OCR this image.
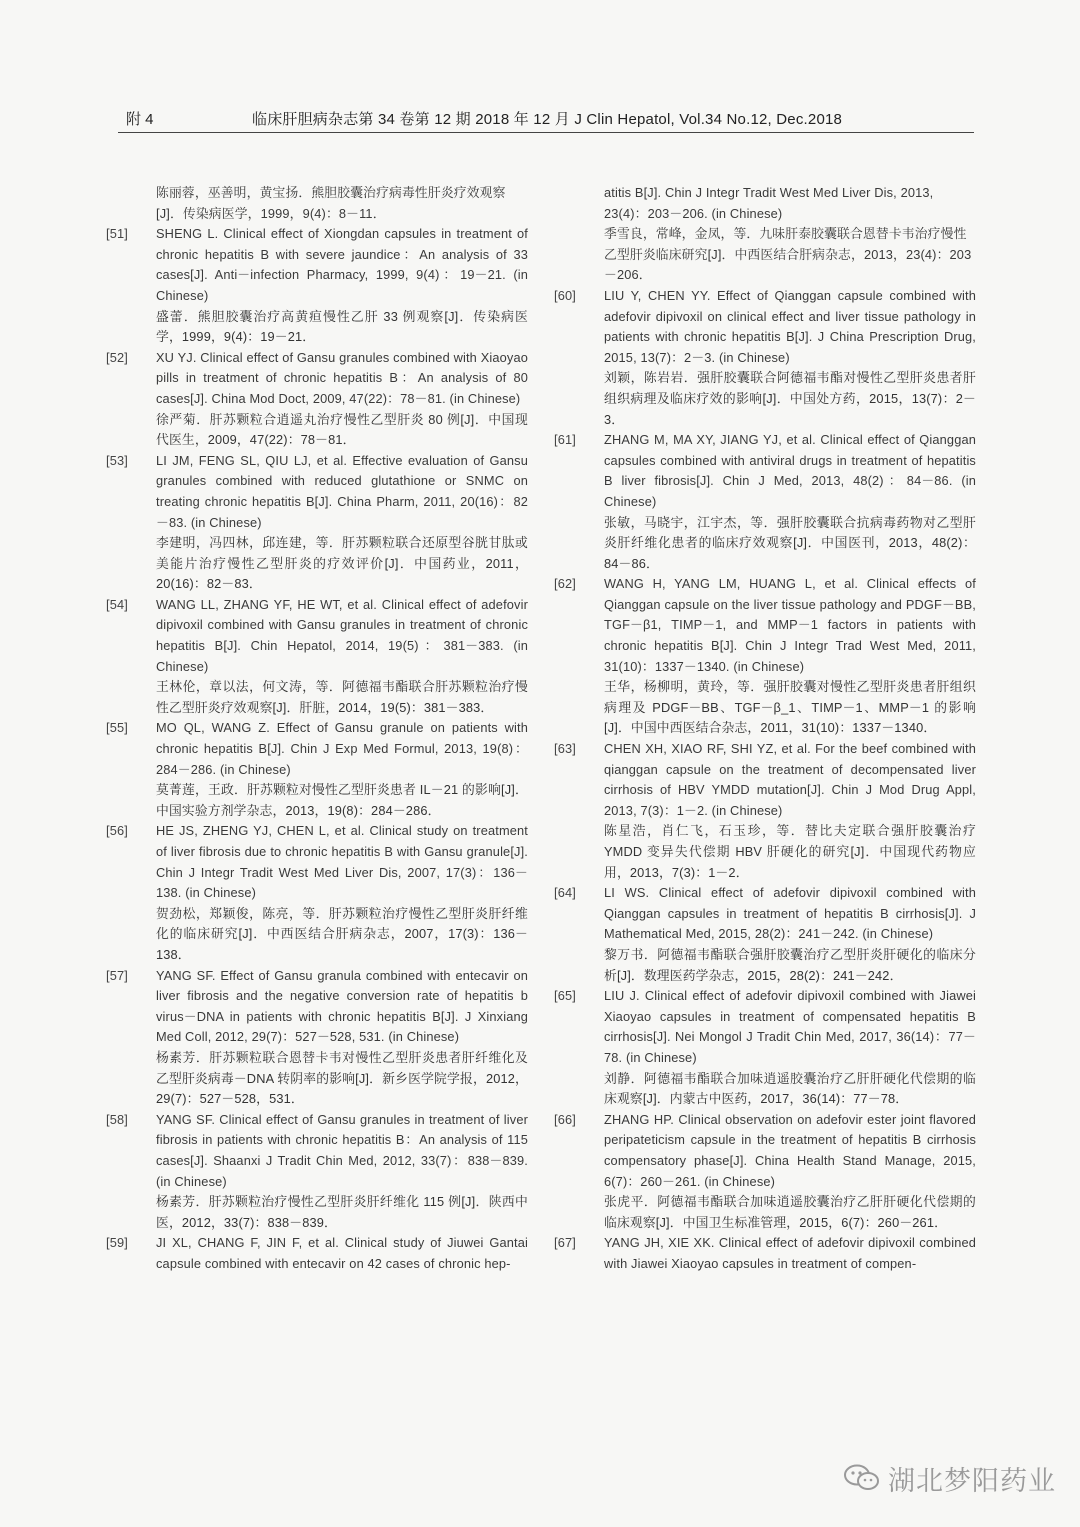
附 4	临床肝胆病杂志第 34 卷第 12 期 2018 年 12 月 J Clin Hepatol, Vol.34 No.12, Dec.2018
陈丽蓉，巫善明，黄宝扬．熊胆胶囊治疗病毒性肝炎疗效观察[J]．传染病医学，1999，9(4)：8－11．
[51] SHENG L. Clinical effect of Xiongdan capsules in treatment of chronic hepatitis B with severe jaundice：An analysis of 33 cases[J]. Anti－infection Pharmacy, 1999, 9(4)：19－21. (in Chinese)
盛蕾．熊胆胶囊治疗高黄疸慢性乙肝 33 例观察[J]．传染病医学，1999，9(4)：19－21．
[52] XU YJ. Clinical effect of Gansu granules combined with Xiaoyao pills in treatment of chronic hepatitis B：An analysis of 80 cases[J]. China Mod Doct, 2009, 47(22)：78－81. (in Chinese)
徐严菊．肝苏颗粒合逍遥丸治疗慢性乙型肝炎 80 例[J]．中国现代医生，2009，47(22)：78－81．
[53] LI JM, FENG SL, QIU LJ, et al. Effective evaluation of Gansu granules combined with reduced glutathione or SNMC on treating chronic hepatitis B[J]. China Pharm, 2011, 20(16)：82－83. (in Chinese)
李建明，冯四林，邱连建，等．肝苏颗粒联合还原型谷胱甘肽或美能片治疗慢性乙型肝炎的疗效评价[J]．中国药业，2011，20(16)：82－83．
[54] WANG LL, ZHANG YF, HE WT, et al. Clinical effect of adefovir dipivoxil combined with Gansu granules in treatment of chronic hepatitis B[J]. Chin Hepatol, 2014, 19(5)：381－383. (in Chinese)
王林伦，章以法，何文涛，等．阿德福韦酯联合肝苏颗粒治疗慢性乙型肝炎疗效观察[J]．肝脏，2014，19(5)：381－383．
[55] MO QL, WANG Z. Effect of Gansu granule on patients with chronic hepatitis B[J]. Chin J Exp Med Formul, 2013, 19(8)：284－286. (in Chinese)
莫菁莲，王政．肝苏颗粒对慢性乙型肝炎患者 IL－21 的影响[J]．中国实验方剂学杂志，2013，19(8)：284－286．
[56] HE JS, ZHENG YJ, CHEN L, et al. Clinical study on treatment of liver fibrosis due to chronic hepatitis B with Gansu granule[J]. Chin J Integr Tradit West Med Liver Dis, 2007, 17(3)：136－138. (in Chinese)
贺劲松，郑颖俊，陈亮，等．肝苏颗粒治疗慢性乙型肝炎肝纤维化的临床研究[J]．中西医结合肝病杂志，2007，17(3)：136－138．
[57] YANG SF. Effect of Gansu granula combined with entecavir on liver fibrosis and the negative conversion rate of hepatitis b virus－DNA in patients with chronic hepatitis B[J]. J Xinxiang Med Coll, 2012, 29(7)：527－528, 531. (in Chinese)
杨素芳．肝苏颗粒联合恩替卡韦对慢性乙型肝炎患者肝纤维化及乙型肝炎病毒－DNA 转阴率的影响[J]．新乡医学院学报，2012，29(7)：527－528，531．
[58] YANG SF. Clinical effect of Gansu granules in treatment of liver fibrosis in patients with chronic hepatitis B：An analysis of 115 cases[J]. Shaanxi J Tradit Chin Med, 2012, 33(7)：838－839. (in Chinese)
杨素芳．肝苏颗粒治疗慢性乙型肝炎肝纤维化 115 例[J]．陕西中医，2012，33(7)：838－839．
[59] JI XL, CHANG F, JIN F, et al. Clinical study of Jiuwei Gantai capsule combined with entecavir on 42 cases of chronic hep-
atitis B[J]. Chin J Integr Tradit West Med Liver Dis, 2013, 23(4)：203－206. (in Chinese)
季雪良，常峰，金凤，等．九味肝泰胶囊联合恩替卡韦治疗慢性乙型肝炎临床研究[J]．中西医结合肝病杂志，2013，23(4)：203－206．
[60] LIU Y, CHEN YY. Effect of Qianggan capsule combined with adefovir dipivoxil on clinical effect and liver tissue pathology in patients with chronic hepatitis B[J]. J China Prescription Drug, 2015, 13(7)：2－3. (in Chinese)
刘颖，陈岩岩．强肝胶囊联合阿德福韦酯对慢性乙型肝炎患者肝组织病理及临床疗效的影响[J]．中国处方药，2015，13(7)：2－3．
[61] ZHANG M, MA XY, JIANG YJ, et al. Clinical effect of Qianggan capsules combined with antiviral drugs in treatment of hepatitis B liver fibrosis[J]. Chin J Med, 2013, 48(2)：84－86. (in Chinese)
张敏，马晓宇，江宇杰，等．强肝胶囊联合抗病毒药物对乙型肝炎肝纤维化患者的临床疗效观察[J]．中国医刊，2013，48(2)：84－86．
[62] WANG H, YANG LM, HUANG L, et al. Clinical effects of Qianggan capsule on the liver tissue pathology and PDGF－BB, TGF－β1, TIMP－1, and MMP－1 factors in patients with chronic hepatitis B[J]. Chin J Integr Trad West Med, 2011, 31(10)：1337－1340. (in Chinese)
王华，杨柳明，黄玲，等．强肝胶囊对慢性乙型肝炎患者肝组织病理及 PDGF－BB、TGF－β_1、TIMP－1、MMP－1 的影响[J]．中国中西医结合杂志，2011，31(10)：1337－1340．
[63] CHEN XH, XIAO RF, SHI YZ, et al. For the beef combined with qianggan capsule on the treatment of decompensated liver cirrhosis of HBV YMDD mutation[J]. Chin J Mod Drug Appl, 2013, 7(3)：1－2. (in Chinese)
陈星浩，肖仁飞，石玉珍，等．替比夫定联合强肝胶囊治疗 YMDD 变异失代偿期 HBV 肝硬化的研究[J]．中国现代药物应用，2013，7(3)：1－2．
[64] LI WS. Clinical effect of adefovir dipivoxil combined with Qianggan capsules in treatment of hepatitis B cirrhosis[J]. J Mathematical Med, 2015, 28(2)：241－242. (in Chinese)
黎万书．阿德福韦酯联合强肝胶囊治疗乙型肝炎肝硬化的临床分析[J]．数理医药学杂志，2015，28(2)：241－242．
[65] LIU J. Clinical effect of adefovir dipivoxil combined with Jiawei Xiaoyao capsules in treatment of compensated hepatitis B cirrhosis[J]. Nei Mongol J Tradit Chin Med, 2017, 36(14)：77－78. (in Chinese)
刘静．阿德福韦酯联合加味逍遥胶囊治疗乙肝肝硬化代偿期的临床观察[J]．内蒙古中医药，2017，36(14)：77－78．
[66] ZHANG HP. Clinical observation on adefovir ester joint flavored peripateticism capsule in the treatment of hepatitis B cirrhosis compensatory phase[J]. China Health Stand Manage, 2015, 6(7)：260－261. (in Chinese)
张虎平．阿德福韦酯联合加味逍遥胶囊治疗乙肝肝硬化代偿期的临床观察[J]．中国卫生标准管理，2015，6(7)：260－261．
[67] YANG JH, XIE XK. Clinical effect of adefovir dipivoxil combined with Jiawei Xiaoyao capsules in treatment of compen-
湖北梦阳药业
